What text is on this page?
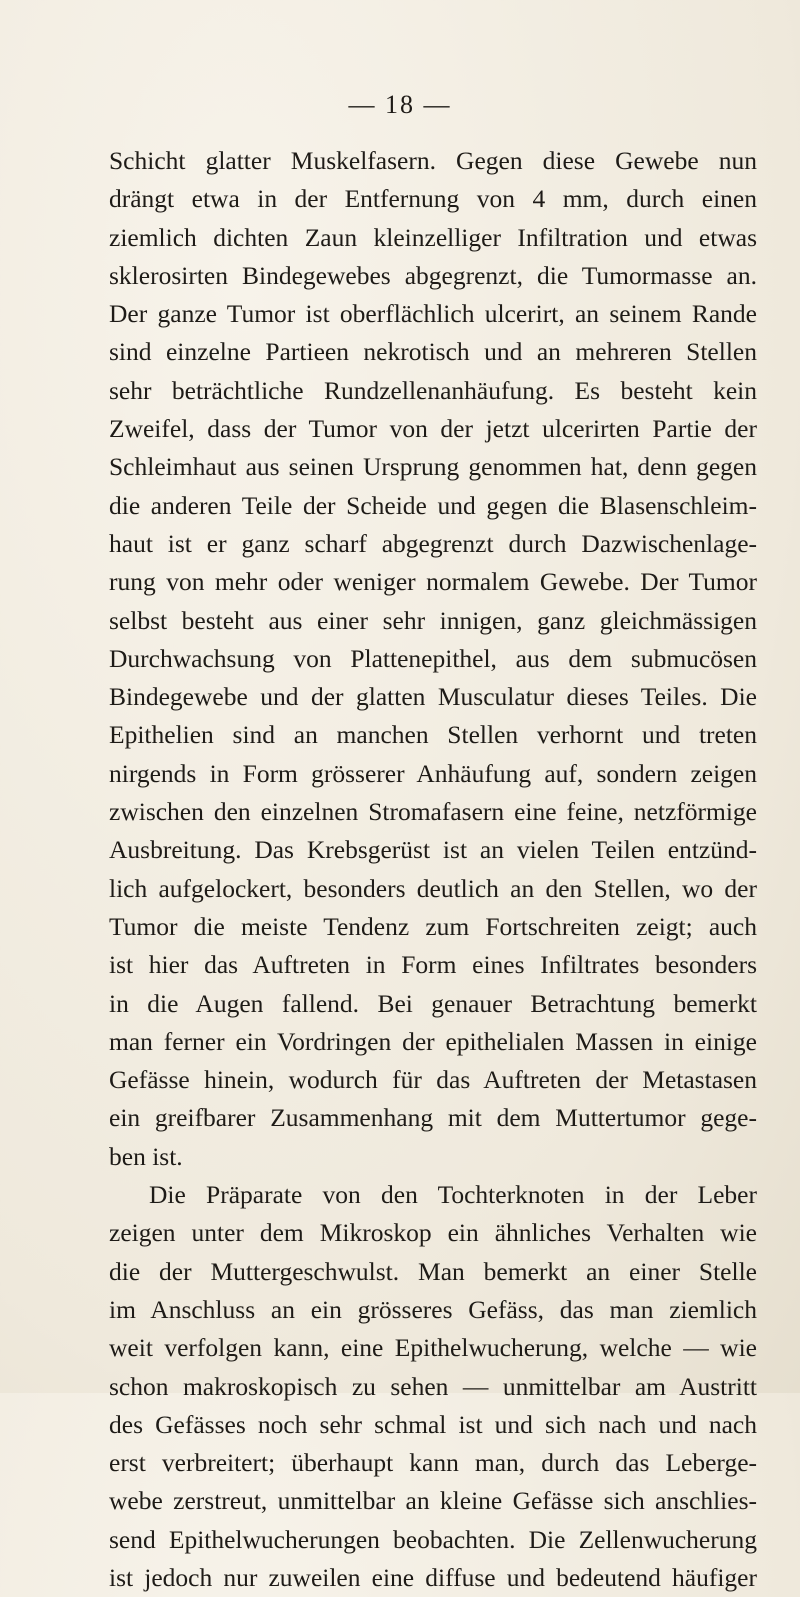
— 18 —
Schicht glatter Muskelfasern. Gegen diese Gewebe nun
drängt etwa in der Entfernung von 4 mm, durch einen
ziemlich dichten Zaun kleinzelliger Infiltration und etwas
sklerosirten Bindegewebes abgegrenzt, die Tumormasse an.
Der ganze Tumor ist oberflächlich ulcerirt, an seinem Rande
sind einzelne Partieen nekrotisch und an mehreren Stellen
sehr beträchtliche Rundzellenanhäufung. Es besteht kein
Zweifel, dass der Tumor von der jetzt ulcerirten Partie der
Schleimhaut aus seinen Ursprung genommen hat, denn gegen
die anderen Teile der Scheide und gegen die Blasenschleim-
haut ist er ganz scharf abgegrenzt durch Dazwischenlage-
rung von mehr oder weniger normalem Gewebe. Der Tumor
selbst besteht aus einer sehr innigen, ganz gleichmässigen
Durchwachsung von Plattenepithel, aus dem submucösen
Bindegewebe und der glatten Musculatur dieses Teiles. Die
Epithelien sind an manchen Stellen verhornt und treten
nirgends in Form grösserer Anhäufung auf, sondern zeigen
zwischen den einzelnen Stromafasern eine feine, netzförmige
Ausbreitung. Das Krebsgerüst ist an vielen Teilen entzünd-
lich aufgelockert, besonders deutlich an den Stellen, wo der
Tumor die meiste Tendenz zum Fortschreiten zeigt; auch
ist hier das Auftreten in Form eines Infiltrates besonders
in die Augen fallend. Bei genauer Betrachtung bemerkt
man ferner ein Vordringen der epithelialen Massen in einige
Gefässe hinein, wodurch für das Auftreten der Metastasen
ein greifbarer Zusammenhang mit dem Muttertumor gege-
ben ist.
Die Präparate von den Tochterknoten in der Leber
zeigen unter dem Mikroskop ein ähnliches Verhalten wie
die der Muttergeschwulst. Man bemerkt an einer Stelle
im Anschluss an ein grösseres Gefäss, das man ziemlich
weit verfolgen kann, eine Epithelwucherung, welche — wie
schon makroskopisch zu sehen — unmittelbar am Austritt
des Gefässes noch sehr schmal ist und sich nach und nach
erst verbreitert; überhaupt kann man, durch das Leberge-
webe zerstreut, unmittelbar an kleine Gefässe sich anschlies-
send Epithelwucherungen beobachten. Die Zellenwucherung
ist jedoch nur zuweilen eine diffuse und bedeutend häufiger
